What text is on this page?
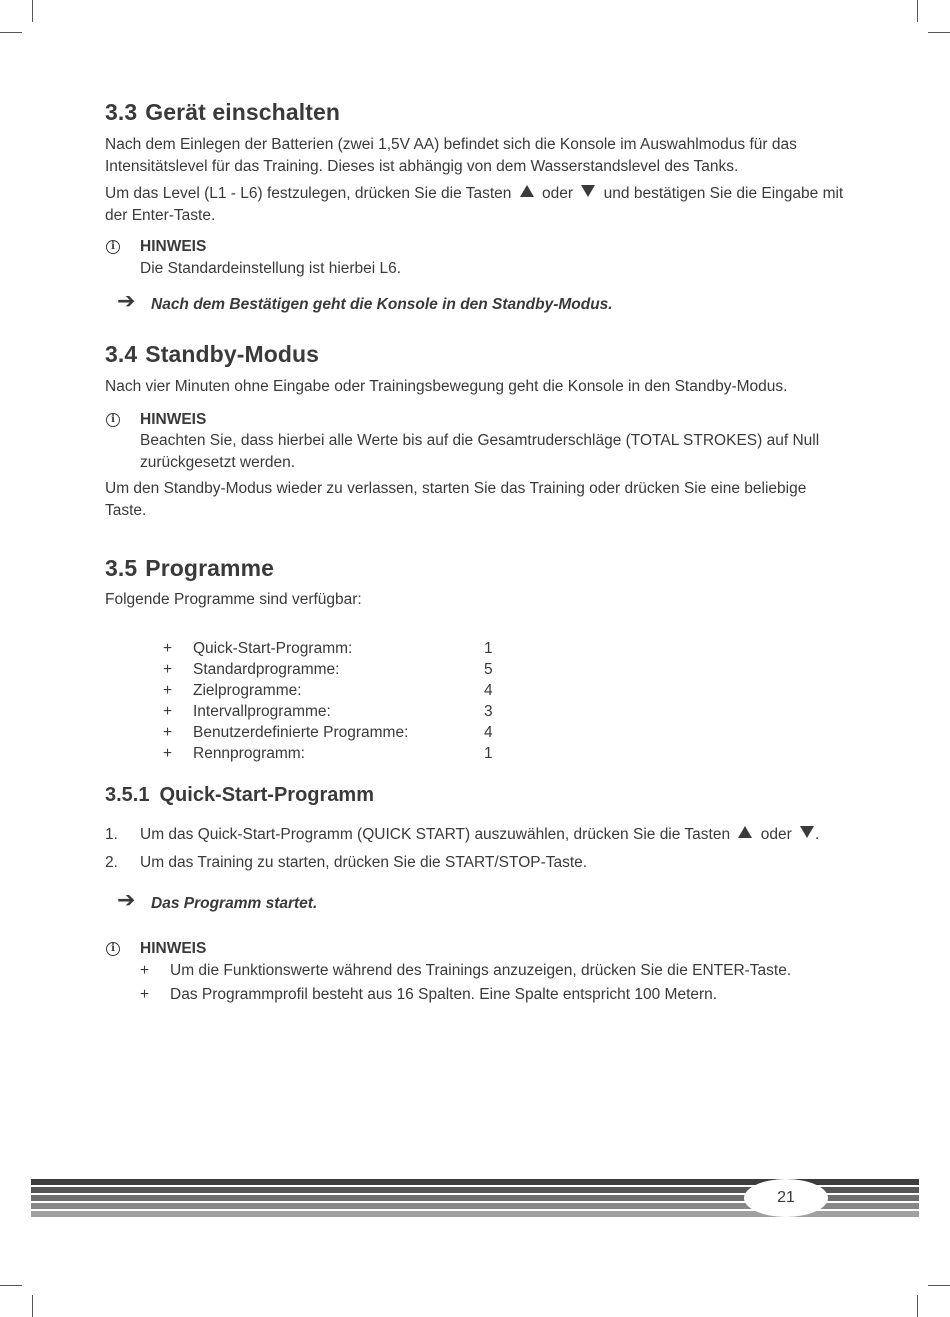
3.3 Gerät einschalten

Nach dem Einlegen der Batterien (zwei 1,5V AA) befindet sich die Konsole im Auswahlmodus für das Intensitätslevel für das Training. Dieses ist abhängig von dem Wasserstandslevel des Tanks.

Um das Level (L1 - L6) festzulegen, drücken Sie die Tasten oder und bestätigen Sie die Eingabe mit der Enter-Taste.

i	HINWEIS
Die Standardeinstellung ist hierbei L6.
➔ Nach dem Bestätigen geht die Konsole in den Standby-Modus.
3.4 Standby-Modus

Nach vier Minuten ohne Eingabe oder Trainingsbewegung geht die Konsole in den Standby-Modus.

i	HINWEIS
Beachten Sie, dass hierbei alle Werte bis auf die Gesamtruderschläge (TOTAL STROKES) auf Null zurückgesetzt werden.

Um den Standby-Modus wieder zu verlassen, starten Sie das Training oder drücken Sie eine beliebige Taste.

3.5 Programme

Folgende Programme sind verfügbar:

+ Quick-Start-Programm:	1
+ Standardprogramme:	5
+ Zielprogramme:	4
+ Intervallprogramme:	3
+ Benutzerdefinierte Programme:	4
+ Rennprogramm:	1
3.5.1 Quick-Start-Programm
1. Um das Quick-Start-Programm (QUICK START) auszuwählen, drücken Sie die Tasten oder .
2. Um das Training zu starten, drücken Sie die START/STOP-Taste.
➔ Das Programm startet.
i	HINWEIS
+ Um die Funktionswerte während des Trainings anzuzeigen, drücken Sie die ENTER-Taste.
+ Das Programmprofil besteht aus 16 Spalten. Eine Spalte entspricht 100 Metern.
21
